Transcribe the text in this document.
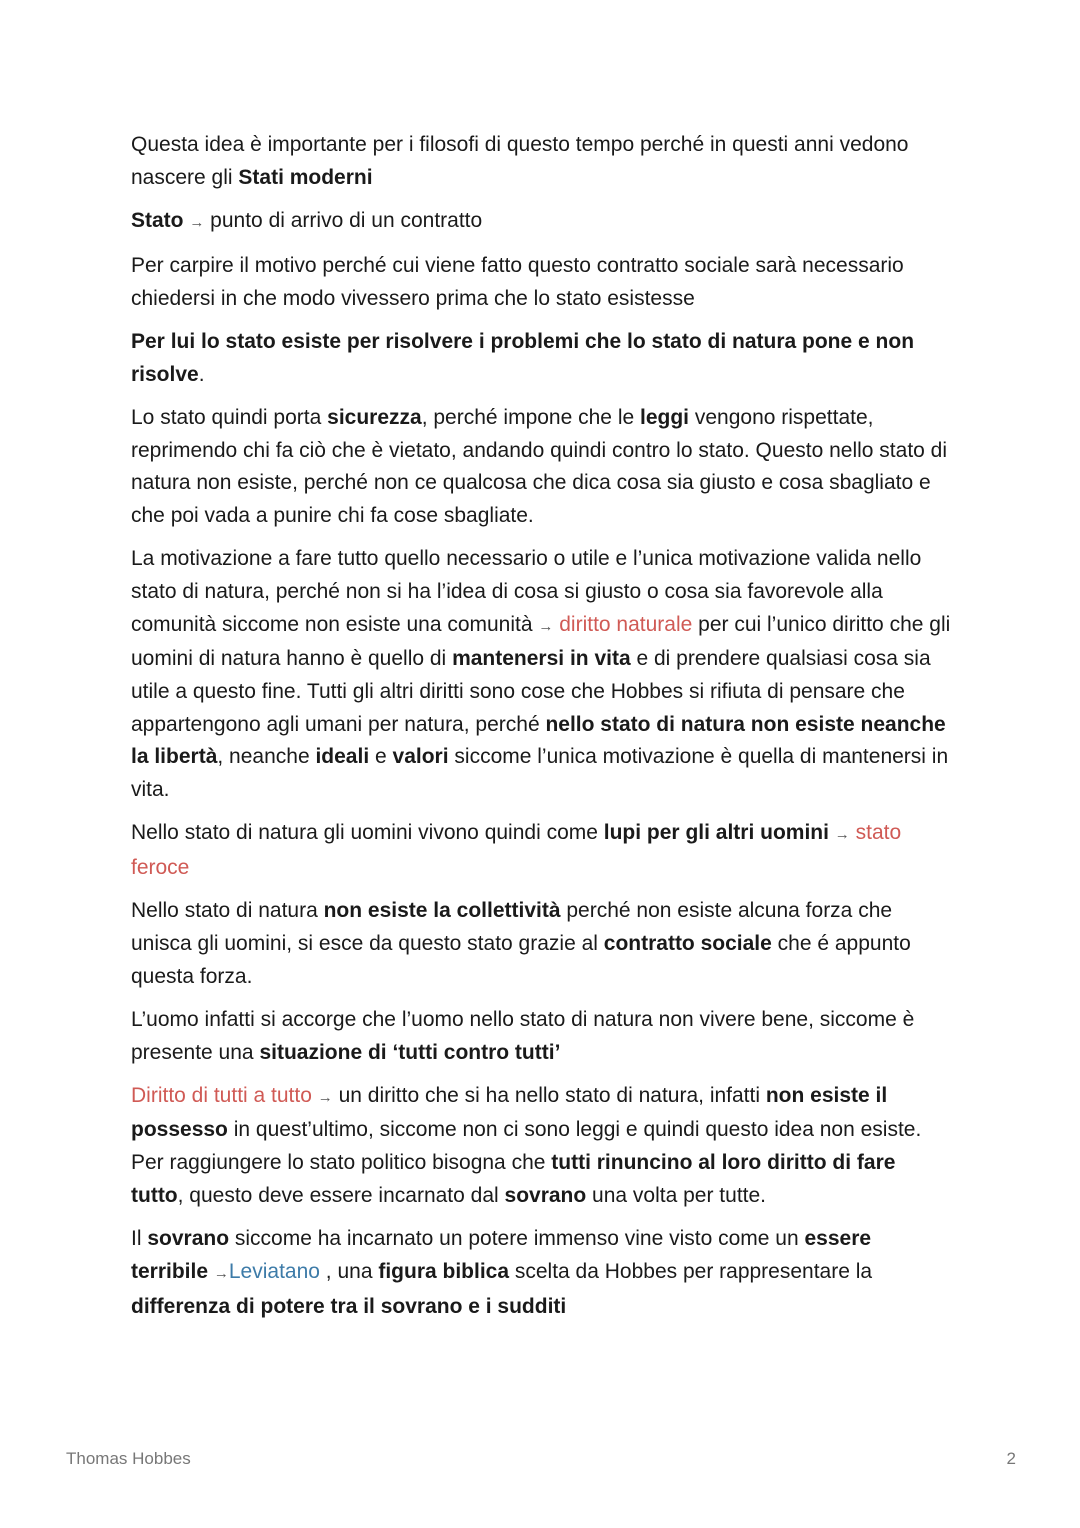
Questa idea è importante per i filosofi di questo tempo perché in questi anni vedono nascere gli Stati moderni

Stato → punto di arrivo di un contratto

Per carpire il motivo perché cui viene fatto questo contratto sociale sarà necessario chiedersi in che modo vivessero prima che lo stato esistesse

Per lui lo stato esiste per risolvere i problemi che lo stato di natura pone e non risolve.

Lo stato quindi porta sicurezza, perché impone che le leggi vengono rispettate, reprimendo chi fa ciò che è vietato, andando quindi contro lo stato. Questo nello stato di natura non esiste, perché non ce qualcosa che dica cosa sia giusto e cosa sbagliato e che poi vada a punire chi fa cose sbagliate.

La motivazione a fare tutto quello necessario o utile e l’unica motivazione valida nello stato di natura, perché non si ha l’idea di cosa si giusto o cosa sia favorevole alla comunità siccome non esiste una comunità → diritto naturale per cui l’unico diritto che gli uomini di natura hanno è quello di mantenersi in vita e di prendere qualsiasi cosa sia utile a questo fine. Tutti gli altri diritti sono cose che Hobbes si rifiuta di pensare che appartengono agli umani per natura, perché nello stato di natura non esiste neanche la libertà, neanche ideali e valori siccome l’unica motivazione è quella di mantenersi in vita.

Nello stato di natura gli uomini vivono quindi come lupi per gli altri uomini → stato feroce

Nello stato di natura non esiste la collettività perché non esiste alcuna forza che unisca gli uomini, si esce da questo stato grazie al contratto sociale che é appunto questa forza.

L’uomo infatti si accorge che l’uomo nello stato di natura non vivere bene, siccome è presente una situazione di ‘tutti contro tutti’

Diritto di tutti a tutto → un diritto che si ha nello stato di natura, infatti non esiste il possesso in quest’ultimo, siccome non ci sono leggi e quindi questo idea non esiste. Per raggiungere lo stato politico bisogna che tutti rinuncino al loro diritto di fare tutto, questo deve essere incarnato dal sovrano una volta per tutte.

Il sovrano siccome ha incarnato un potere immenso vine visto come un essere terribile →Leviatano , una figura biblica scelta da Hobbes per rappresentare la differenza di potere tra il sovrano e i sudditi

Thomas Hobbes	2
